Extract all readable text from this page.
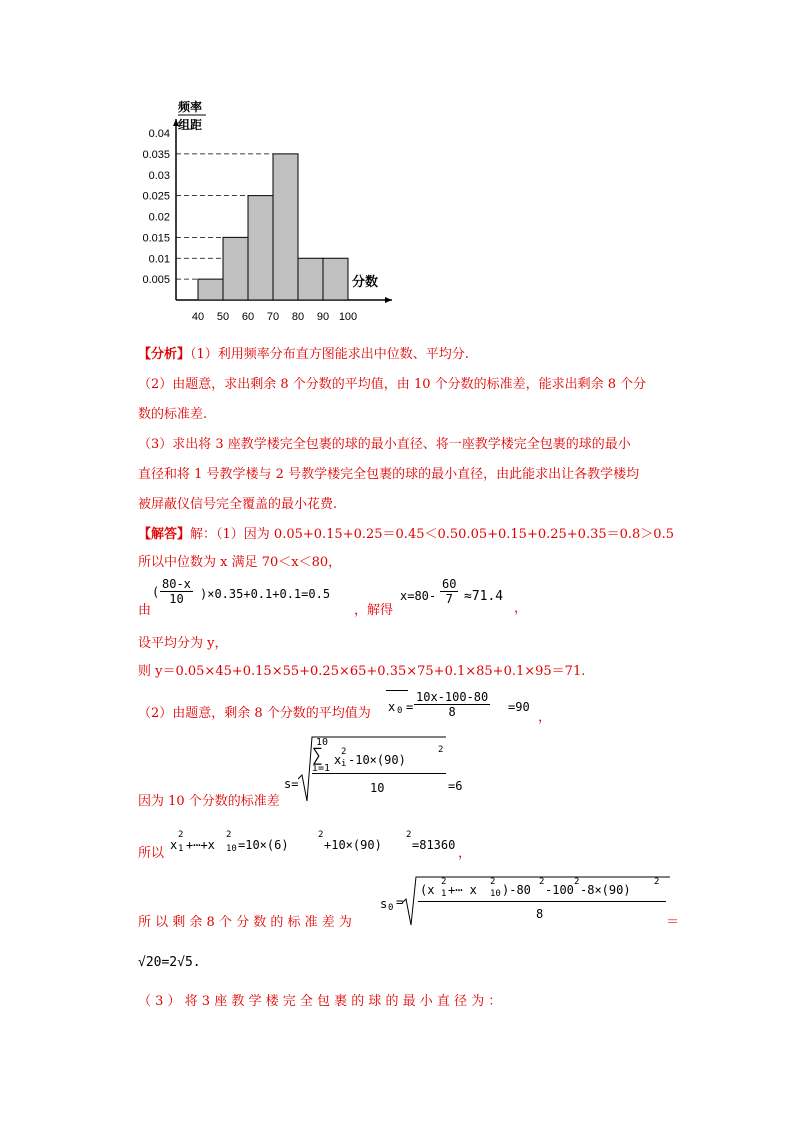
0.04
0.035
0.03
0.025
0.02
0.015
0.01
0.005
40 50 60 70 80 90 100
频率
组距
分数
【分析】（1）利用频率分布直方图能求出中位数、平均分.
（2）由题意，求出剩余 8 个分数的平均值，由 10 个分数的标准差，能求出剩余 8 个分
数的标准差.
（3）求出将 3 座教学楼完全包裹的球的最小直径、将一座教学楼完全包裹的球的最小
直径和将 1 号教学楼与 2 号教学楼完全包裹的球的最小直径，由此能求出让各教学楼均
被屏蔽仪信号完全覆盖的最小花费.
【解答】解：（1）因为 0.05+0.15+0.25＝0.45＜0.50.05+0.15+0.25+0.35＝0.8＞0.5
所以中位数为 x 满足 70＜x＜80，
由
( $\frac{80-x}{10} )\times 0.35+0.1+0.1=0.5$
，解得
$x=80- \frac{60}{7} \approx 71.4$
，
设平均分为 y，
则 y＝0.05×45+0.15×55+0.25×65+0.35×75+0.1×85+0.1×95＝71.
（2）由题意，剩余 8 个分数的平均值为 x $0 = \frac{10x-100-80}{8} =90$
，
因为 10 个分数的标准差
s=
10
∑
i=1
x
2
i -10×(90)
2
10	=6
所以
x
2
1 +⋯+x
2
10 =10×(6)
2
+10×(90)
2
=81360
，
所 以 剩 余 8 个 分 数 的 标 准 差 为
s 0 =
(x
2
1 +⋯ x
2
10 )-80
2
-100
2
-8×(90)
2
8
＝
√20=2√5.
（ 3 ） 将 3 座 教 学 楼 完 全 包 裹 的 球 的 最 小 直 径 为 ：
